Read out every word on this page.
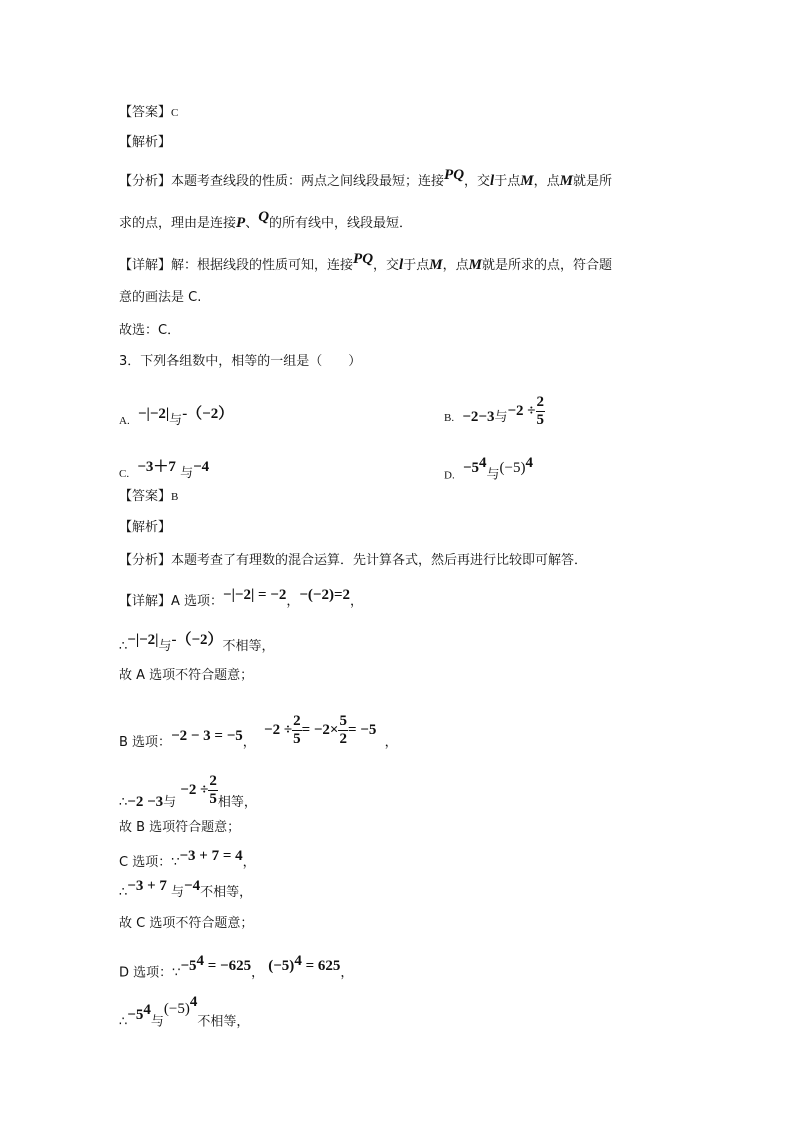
【答案】C
【解析】
【分析】本题考查线段的性质：两点之间线段最短；连接PQ，交l于点M，点M就是所
求的点，理由是连接P、Q的所有线中，线段最短．
【详解】解：根据线段的性质可知，连接PQ，交l于点M，点M就是所求的点，符合题
意的画法是 C.
故选：C．
3．下列各组数中，相等的一组是（　　）
A. −|−2|与-（−2）	B. −2−3与$-2 \div \frac{2}{5}$
C. −3＋7 与−4
D. $-5^4$与$(-5)^4$
【答案】B
【解析】
【分析】本题考查了有理数的混合运算．先计算各式，然后再进行比较即可解答．
【详解】A 选项：−|−2| = −2，−(−2)=2，
∴−|−2|与-（−2）不相等，
故 A 选项不符合题意；
B 选项：−2 − 3 = −5，  $-2 \div \frac{2}{5} = -2\times \frac{5}{2} = -5$  ，
∴−2 −3与 $-2 \div \frac{2}{5}$ 相等，
故 B 选项符合题意；
C 选项：∵−3 + 7 = 4，
∴−3 + 7 与−4不相等，
故 C 选项不符合题意；
D 选项：$\because-5^4 = -625$， $(-5)^4 = 625$，
$\therefore-5^4$与$(-5)^4$不相等，
